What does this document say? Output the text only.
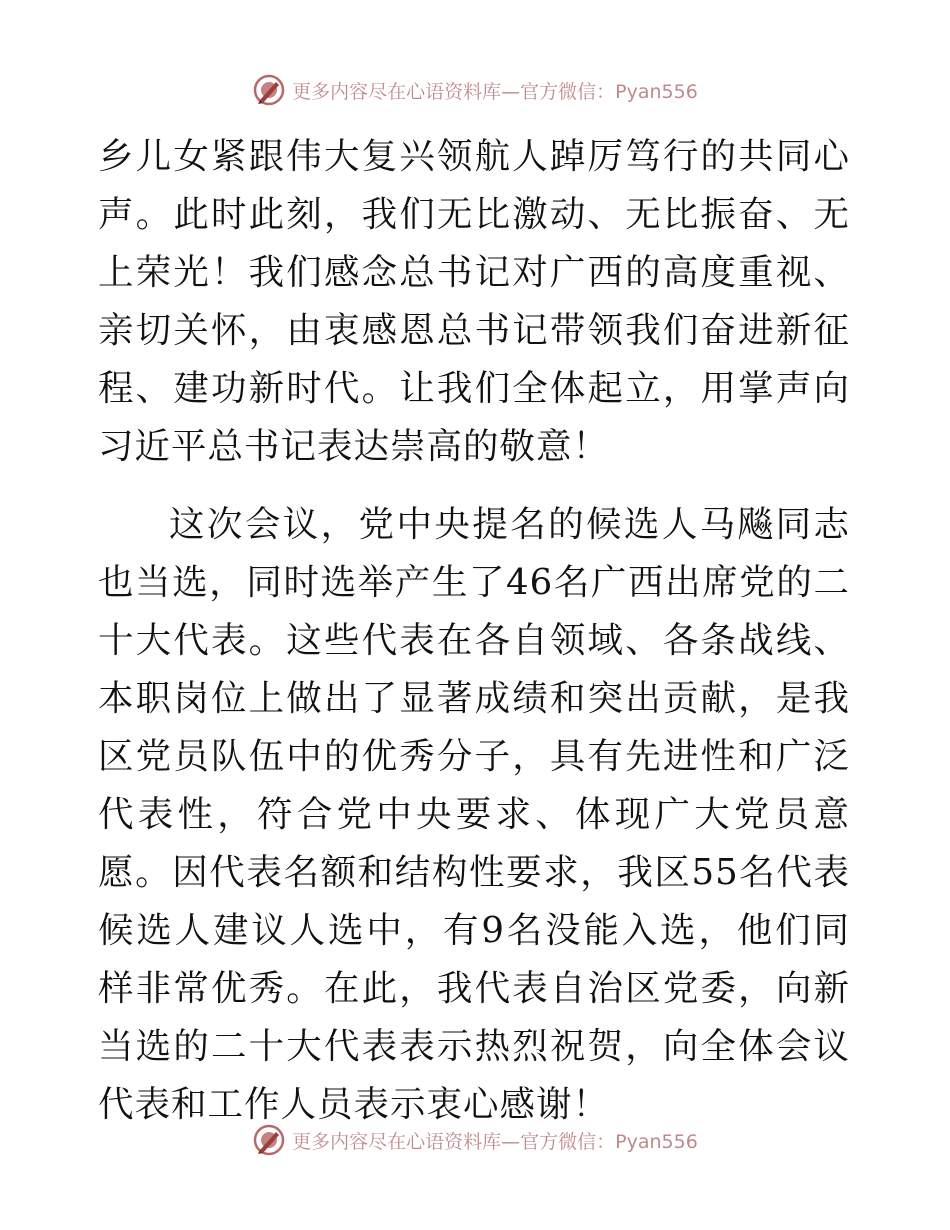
更多内容尽在心语资料库—官方微信：Pyan556

乡儿女紧跟伟大复兴领航人踔厉笃行的共同心声。此时此刻，我们无比激动、无比振奋、无上荣光！我们感念总书记对广西的高度重视、亲切关怀，由衷感恩总书记带领我们奋进新征程、建功新时代。让我们全体起立，用掌声向习近平总书记表达崇高的敬意！

这次会议，党中央提名的候选人马飚同志也当选，同时选举产生了46名广西出席党的二十大代表。这些代表在各自领域、各条战线、本职岗位上做出了显著成绩和突出贡献，是我区党员队伍中的优秀分子，具有先进性和广泛代表性，符合党中央要求、体现广大党员意愿。因代表名额和结构性要求，我区55名代表候选人建议人选中，有9名没能入选，他们同样非常优秀。在此，我代表自治区党委，向新当选的二十大代表表示热烈祝贺，向全体会议代表和工作人员表示衷心感谢！

更多内容尽在心语资料库—官方微信：Pyan556
